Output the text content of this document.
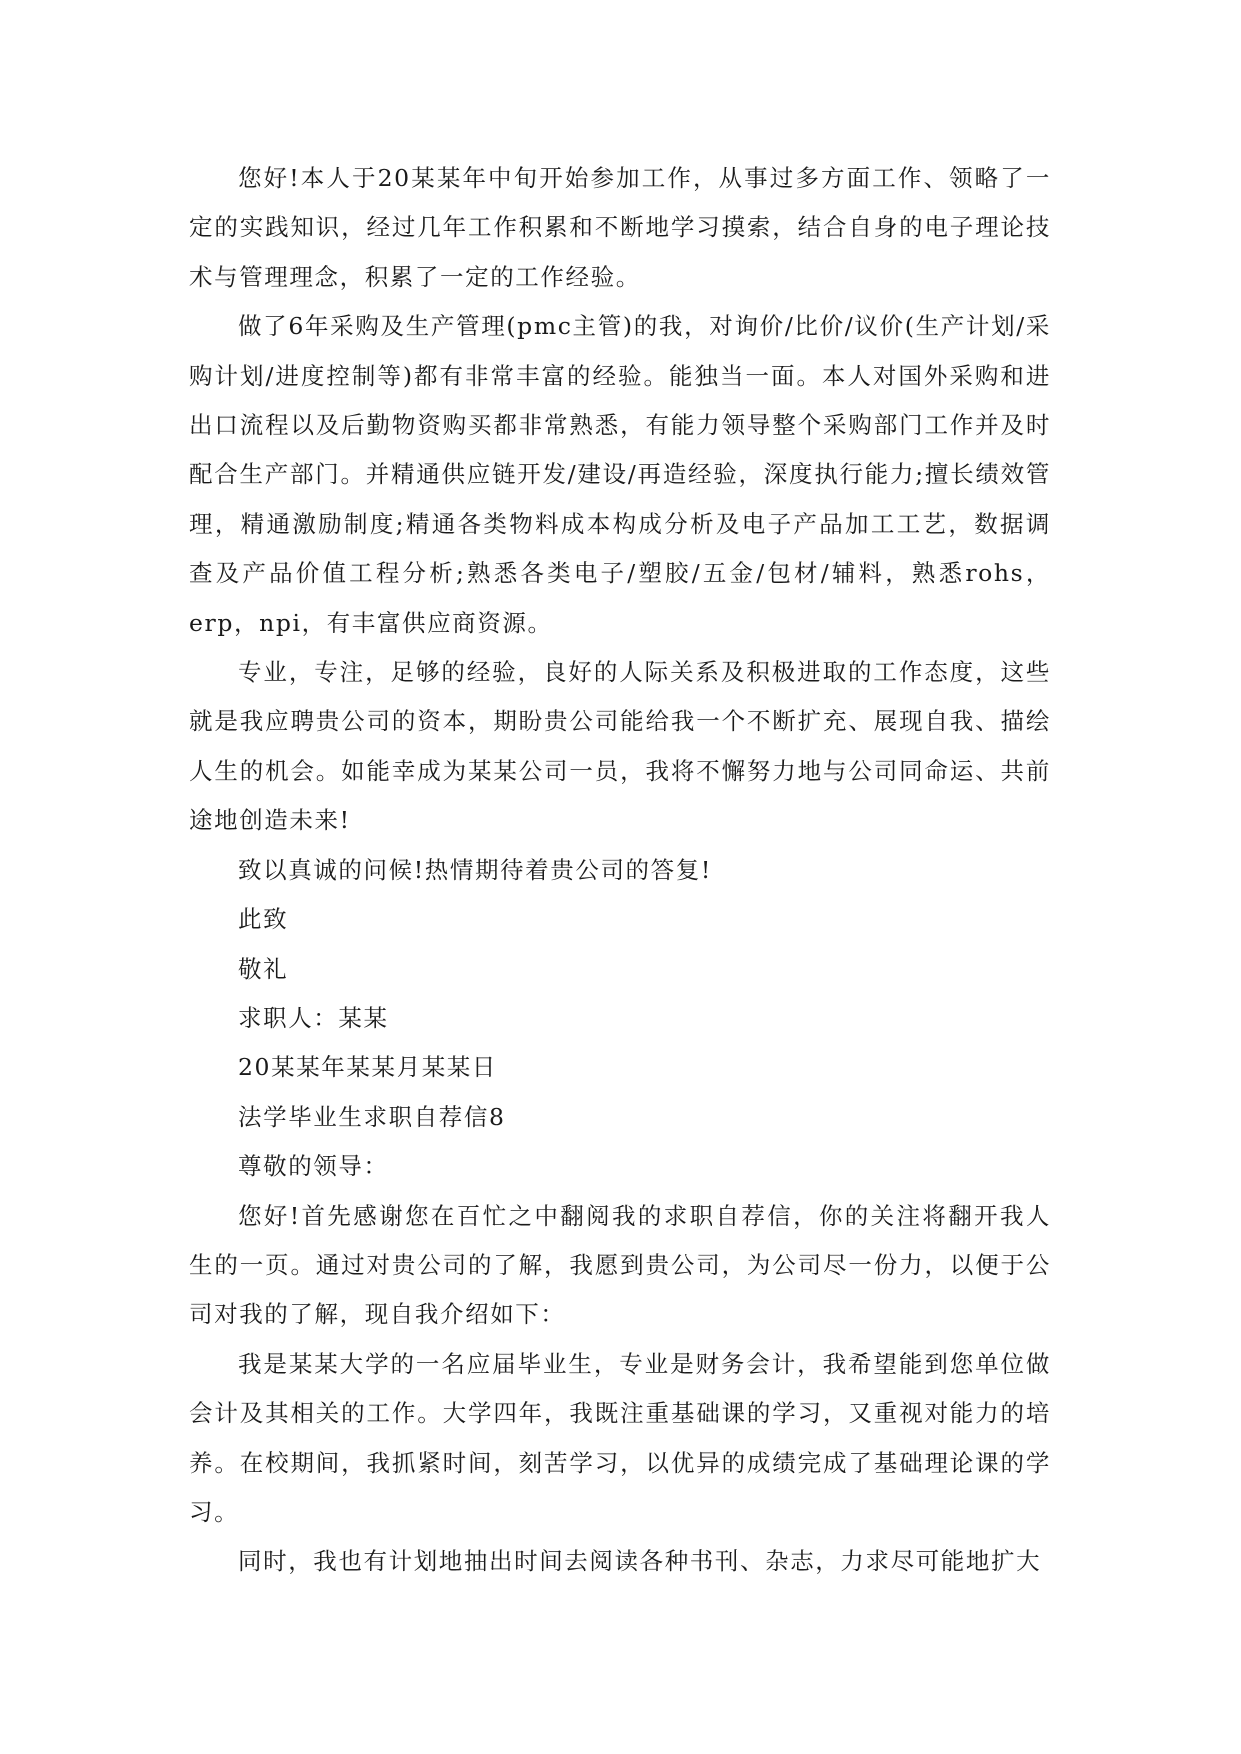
您好!本人于20某某年中旬开始参加工作，从事过多方面工作、领略了一定的实践知识，经过几年工作积累和不断地学习摸索，结合自身的电子理论技术与管理理念，积累了一定的工作经验。

做了6年采购及生产管理(pmc主管)的我，对询价/比价/议价(生产计划/采购计划/进度控制等)都有非常丰富的经验。能独当一面。本人对国外采购和进出口流程以及后勤物资购买都非常熟悉，有能力领导整个采购部门工作并及时配合生产部门。并精通供应链开发/建设/再造经验，深度执行能力;擅长绩效管理，精通激励制度;精通各类物料成本构成分析及电子产品加工工艺，数据调查及产品价值工程分析;熟悉各类电子/塑胶/五金/包材/辅料，熟悉rohs，erp，npi，有丰富供应商资源。

专业，专注，足够的经验，良好的人际关系及积极进取的工作态度，这些就是我应聘贵公司的资本，期盼贵公司能给我一个不断扩充、展现自我、描绘人生的机会。如能幸成为某某公司一员，我将不懈努力地与公司同命运、共前途地创造未来!

致以真诚的问候!热情期待着贵公司的答复!

此致

敬礼

求职人：某某

20某某年某某月某某日

法学毕业生求职自荐信8

尊敬的领导：

您好!首先感谢您在百忙之中翻阅我的求职自荐信，你的关注将翻开我人生的一页。通过对贵公司的了解，我愿到贵公司，为公司尽一份力，以便于公司对我的了解，现自我介绍如下：

我是某某大学的一名应届毕业生，专业是财务会计，我希望能到您单位做会计及其相关的工作。大学四年，我既注重基础课的学习，又重视对能力的培养。在校期间，我抓紧时间，刻苦学习，以优异的成绩完成了基础理论课的学习。

同时，我也有计划地抽出时间去阅读各种书刊、杂志，力求尽可能地扩大
